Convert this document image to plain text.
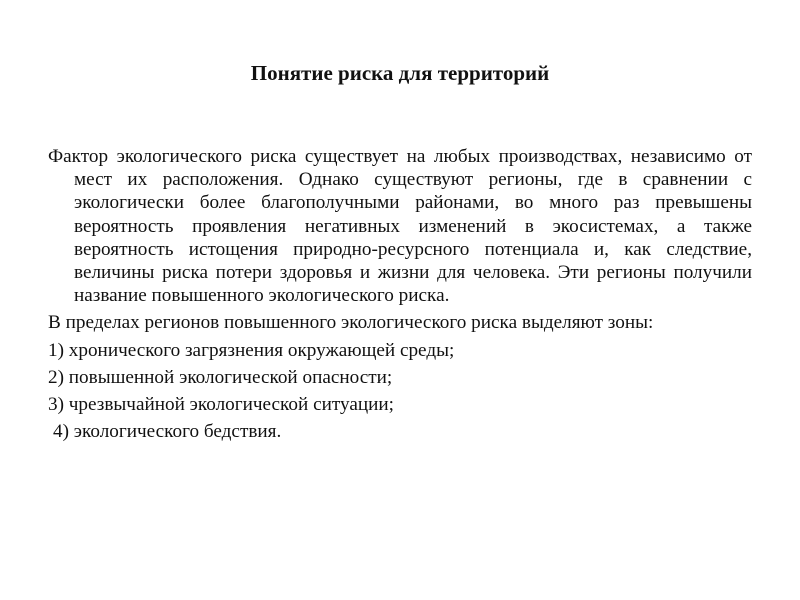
Понятие риска для территорий

Фактор экологического риска существует на любых производствах, независимо от мест их расположения. Однако существуют регионы, где в сравнении с экологически более благополучными районами, во много раз превышены вероятность проявления негативных изменений в экосистемах, а также вероятность истощения природно-ресурсного потенциала и, как следствие, величины риска потери здоровья и жизни для человека. Эти регионы получили название повышенного экологического риска.

В пределах регионов повышенного экологического риска выделяют зоны:

1) хронического загрязнения окружающей среды;

2) повышенной экологической опасности;

3) чрезвычайной экологической ситуации;

4) экологического бедствия.
